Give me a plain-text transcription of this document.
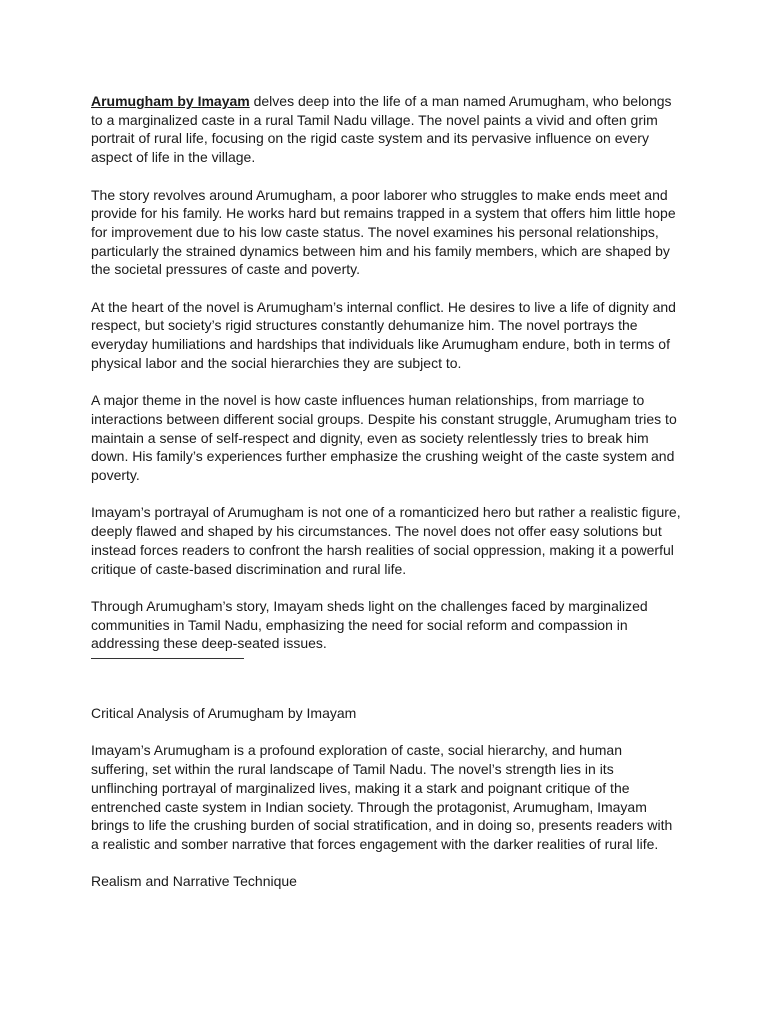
Arumugham by Imayam delves deep into the life of a man named Arumugham, who belongs to a marginalized caste in a rural Tamil Nadu village. The novel paints a vivid and often grim portrait of rural life, focusing on the rigid caste system and its pervasive influence on every aspect of life in the village.

The story revolves around Arumugham, a poor laborer who struggles to make ends meet and provide for his family. He works hard but remains trapped in a system that offers him little hope for improvement due to his low caste status. The novel examines his personal relationships, particularly the strained dynamics between him and his family members, which are shaped by the societal pressures of caste and poverty.

At the heart of the novel is Arumugham’s internal conflict. He desires to live a life of dignity and respect, but society’s rigid structures constantly dehumanize him. The novel portrays the everyday humiliations and hardships that individuals like Arumugham endure, both in terms of physical labor and the social hierarchies they are subject to.

A major theme in the novel is how caste influences human relationships, from marriage to interactions between different social groups. Despite his constant struggle, Arumugham tries to maintain a sense of self-respect and dignity, even as society relentlessly tries to break him down. His family’s experiences further emphasize the crushing weight of the caste system and poverty.

Imayam’s portrayal of Arumugham is not one of a romanticized hero but rather a realistic figure, deeply flawed and shaped by his circumstances. The novel does not offer easy solutions but instead forces readers to confront the harsh realities of social oppression, making it a powerful critique of caste-based discrimination and rural life.

Through Arumugham’s story, Imayam sheds light on the challenges faced by marginalized communities in Tamil Nadu, emphasizing the need for social reform and compassion in addressing these deep-seated issues.

Critical Analysis of Arumugham by Imayam

Imayam’s Arumugham is a profound exploration of caste, social hierarchy, and human suffering, set within the rural landscape of Tamil Nadu. The novel’s strength lies in its unflinching portrayal of marginalized lives, making it a stark and poignant critique of the entrenched caste system in Indian society. Through the protagonist, Arumugham, Imayam brings to life the crushing burden of social stratification, and in doing so, presents readers with a realistic and somber narrative that forces engagement with the darker realities of rural life.

Realism and Narrative Technique
